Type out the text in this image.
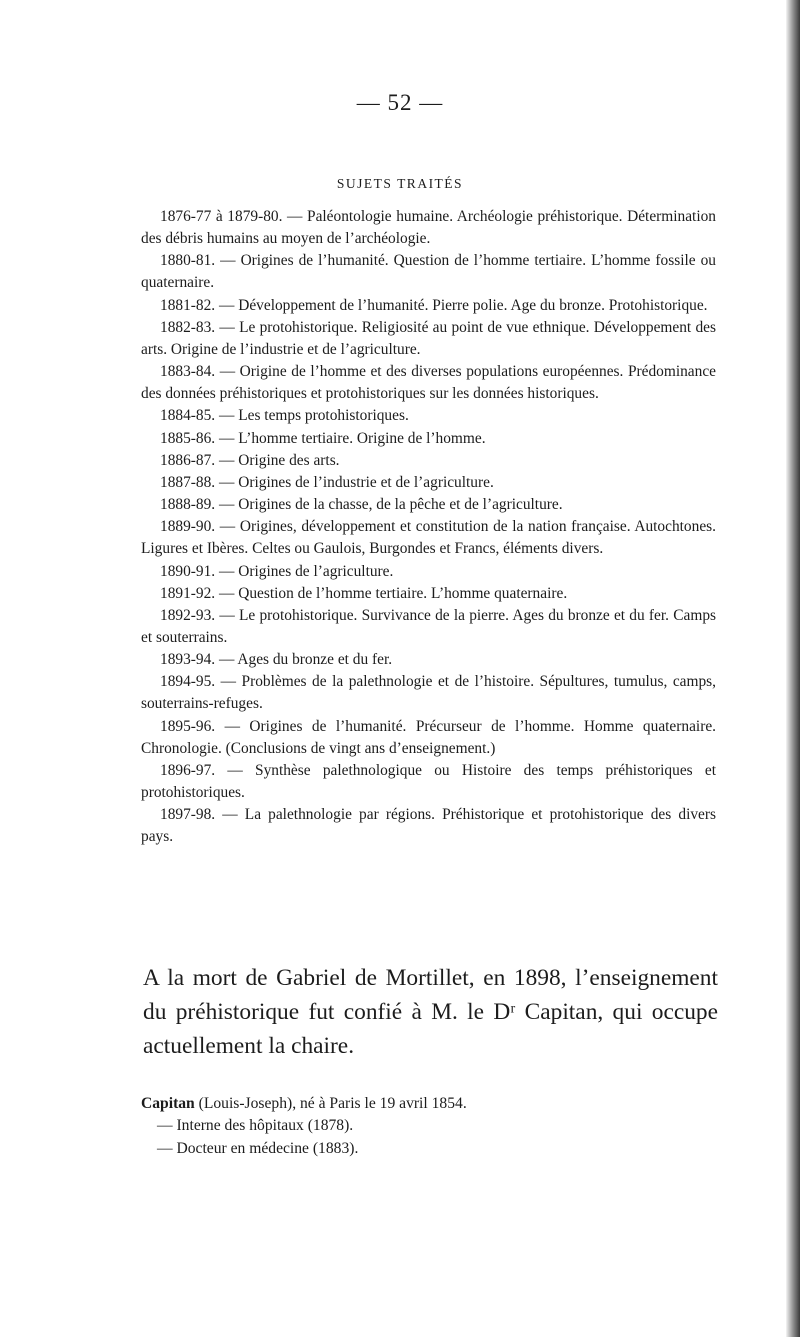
— 52 —
SUJETS TRAITÉS

1876-77 à 1879-80. — Paléontologie humaine. Archéologie préhistorique. Détermination des débris humains au moyen de l’archéologie.

1880-81. — Origines de l’humanité. Question de l’homme tertiaire. L’homme fossile ou quaternaire.

1881-82. — Développement de l’humanité. Pierre polie. Age du bronze. Protohistorique.

1882-83. — Le protohistorique. Religiosité au point de vue ethnique. Développement des arts. Origine de l’industrie et de l’agriculture.

1883-84. — Origine de l’homme et des diverses populations européennes. Prédominance des données préhistoriques et protohistoriques sur les données historiques.

1884-85. — Les temps protohistoriques.

1885-86. — L’homme tertiaire. Origine de l’homme.

1886-87. — Origine des arts.

1887-88. — Origines de l’industrie et de l’agriculture.

1888-89. — Origines de la chasse, de la pêche et de l’agriculture.

1889-90. — Origines, développement et constitution de la nation française. Autochtones. Ligures et Ibères. Celtes ou Gaulois, Burgondes et Francs, éléments divers.

1890-91. — Origines de l’agriculture.

1891-92. — Question de l’homme tertiaire. L’homme quaternaire.

1892-93. — Le protohistorique. Survivance de la pierre. Ages du bronze et du fer. Camps et souterrains.

1893-94. — Ages du bronze et du fer.

1894-95. — Problèmes de la palethnologie et de l’histoire. Sépultures, tumulus, camps, souterrains-refuges.

1895-96. — Origines de l’humanité. Précurseur de l’homme. Homme quaternaire. Chronologie. (Conclusions de vingt ans d’enseignement.)

1896-97. — Synthèse palethnologique ou Histoire des temps préhistoriques et protohistoriques.

1897-98. — La palethnologie par régions. Préhistorique et protohistorique des divers pays.

A la mort de Gabriel de Mortillet, en 1898, l’enseignement du préhistorique fut confié à M. le Dʳ Capitan, qui occupe actuellement la chaire.

Capitan (Louis-Joseph), né à Paris le 19 avril 1854.

— Interne des hôpitaux (1878).

— Docteur en médecine (1883).
